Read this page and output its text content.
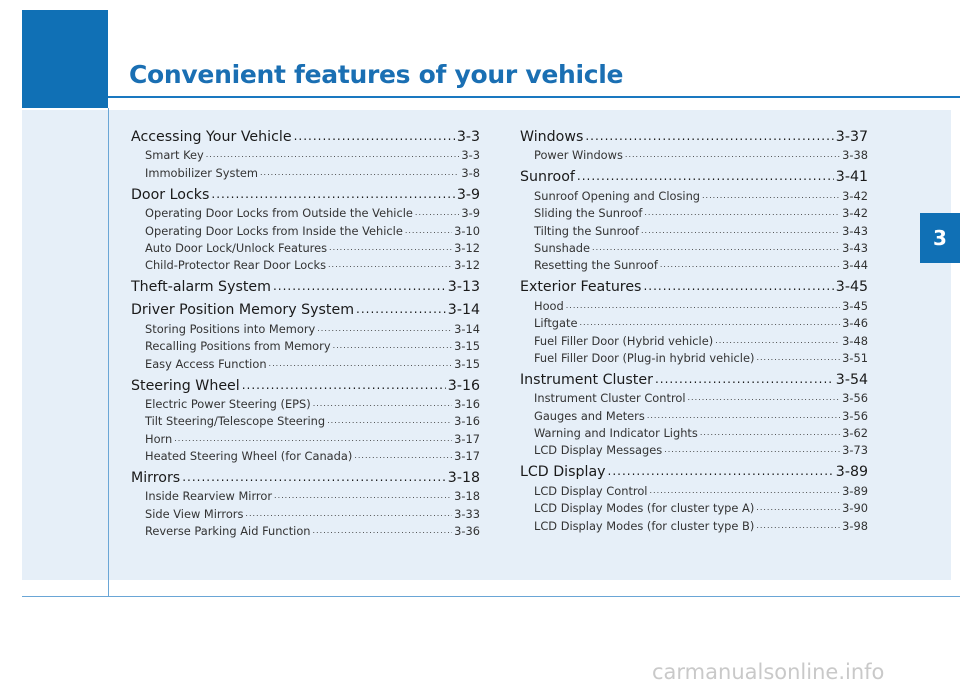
Convenient features of your vehicle
3
Accessing Your Vehicle .....	3-3
Smart Key .....	3-3
Immobilizer System .....	3-8
Door Locks .....	3-9
Operating Door Locks from Outside the Vehicle .....	3-9
Operating Door Locks from Inside the Vehicle .....	3-10
Auto Door Lock/Unlock Features .....	3-12
Child-Protector Rear Door Locks .....	3-12
Theft-alarm System .....	3-13
Driver Position Memory System .....	3-14
Storing Positions into Memory .....	3-14
Recalling Positions from Memory .....	3-15
Easy Access Function .....	3-15
Steering Wheel .....	3-16
Electric Power Steering (EPS) .....	3-16
Tilt Steering/Telescope Steering .....	3-16
Horn .....	3-17
Heated Steering Wheel (for Canada) .....	3-17
Mirrors .....	3-18
Inside Rearview Mirror .....	3-18
Side View Mirrors .....	3-33
Reverse Parking Aid Function .....	3-36
Windows .....	3-37
Power Windows .....	3-38
Sunroof .....	3-41
Sunroof Opening and Closing .....	3-42
Sliding the Sunroof .....	3-42
Tilting the Sunroof .....	3-43
Sunshade .....	3-43
Resetting the Sunroof .....	3-44
Exterior Features .....	3-45
Hood .....	3-45
Liftgate .....	3-46
Fuel Filler Door (Hybrid vehicle) .....	3-48
Fuel Filler Door (Plug-in hybrid vehicle) .....	3-51
Instrument Cluster .....	3-54
Instrument Cluster Control .....	3-56
Gauges and Meters .....	3-56
Warning and Indicator Lights .....	3-62
LCD Display Messages .....	3-73
LCD Display .....	3-89
LCD Display Control .....	3-89
LCD Display Modes (for cluster type A) .....	3-90
LCD Display Modes (for cluster type B) .....	3-98
carmanualsonline.info
